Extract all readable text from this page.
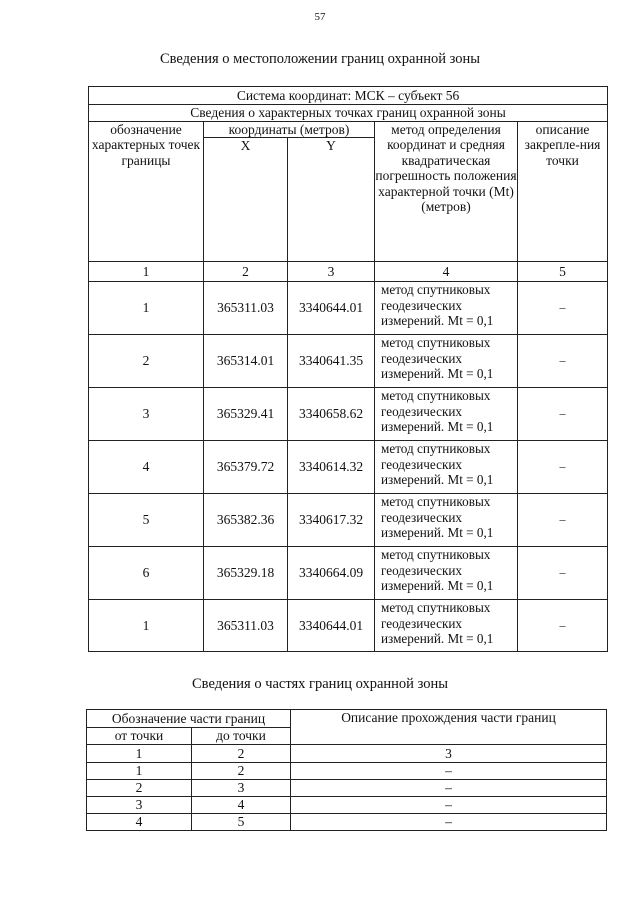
57
Сведения о местоположении границ охранной зоны
Система координат: МСК – субъект 56				
Сведения о характерных точках границ охранной зоны				
обозначение характерных точек границы	координаты (метров)		метод определения координат и средняя квадратическая погрешность положения характерной точки (Mt) (метров)	описание закрепле-ния точки
	X	Y		
1	2	3	4	5
1	365311.03	3340644.01	метод спутниковых
геодезических
измерений. Mt = 0,1	–
2	365314.01	3340641.35	метод спутниковых
геодезических
измерений. Mt = 0,1	–
3	365329.41	3340658.62	метод спутниковых
геодезических
измерений. Mt = 0,1	–
4	365379.72	3340614.32	метод спутниковых
геодезических
измерений. Mt = 0,1	–
5	365382.36	3340617.32	метод спутниковых
геодезических
измерений. Mt = 0,1	–
6	365329.18	3340664.09	метод спутниковых
геодезических
измерений. Mt = 0,1	–
1	365311.03	3340644.01	метод спутниковых
геодезических
измерений. Mt = 0,1	–
Сведения о частях границ охранной зоны
Обозначение части границ		Описание прохождения части границ
от точки	до точки	
1	2	3
1	2	–
2	3	–
3	4	–
4	5	–
